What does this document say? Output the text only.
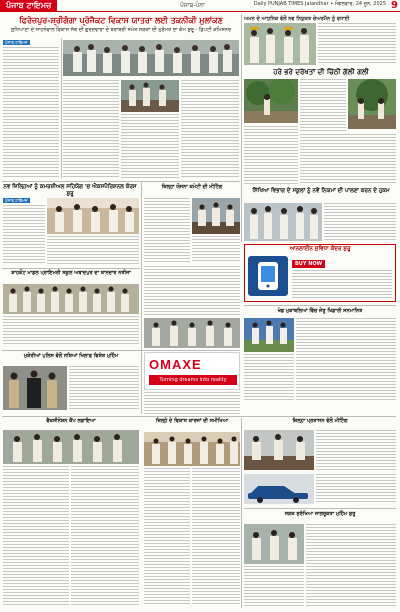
ਪੰਜਾਬ ਟਾਇਮਜ਼	ਪੰਜਾਬ-ਪੰਨਾ	Daily PUNJAB TIMES Jalandhar • ਮੰਗਲਵਾਰ, 24 ਜੂਨ, 2025 9
ਫਿਰੋਜ਼ਪੁਰ-ਸ਼੍ਰੀਗੰਗਾ ਪ੍ਰੋਜੈਕਟ ਵਿਕਾਸ ਯਾਤਰਾ ਲਈ ਤਕਨੀਕੀ ਮੁਲਾਂਕਣ
ਲੁਧਿਆਣਾ ਦੇ ਸਾਹਨੇਵਾਲ ਵਿਕਾਸ ਸੱਥ ਦੀ ਗੁਰਦਵਾਰਾ ਦੇ ਬਰਾਬਰੀ ਸਮੇਤ ਸੜਕਾਂ ਦੀ ਮੁਰੰਮਤ ਦਾ ਕੰਮ ਸ਼ੁਰੂ - ਡਿਪਟੀ ਕਮਿਸ਼ਨਰ
ਪੰਜਾਬ ਟਾਇਮਜ਼
ਅਮਨ ਦੇ ਆਧੁਨਿਕ ਵੱਲੋਂ ਨਵ ਨਿਯੁਕਤ ਚੇਅਰਮੈਨ ਨੂੰ ਵਧਾਈ
ਹਰੇ ਭਰੇ ਦਰੱਖਤਾਂ ਦੀ ਚਿੱਠੀ ਗੱਲੀ ਗਲੀ
ਸਿੱਖਿਆ ਵਿਭਾਗ ਦੇ ਸਕੂਲਾਂ ਨੂੰ ਨਵੇਂ ਨਿਯਮਾਂ ਦੀ ਪਾਲਣਾ ਕਰਨ ਦੇ ਹੁਕਮ
ਨਵ ਜ਼ਿਲ੍ਹਿਆਂ ਨੂੰ ਕਮਰਸ਼ੀਅਲ ਸਹਿਯੋਗ 'ਚ ਐਕਸਪੈਰਿਸ਼ਨਲ ਕੋਰਸ ਸ਼ੁਰੂ
ਪੰਜਾਬ ਟਾਇਮਜ਼
ਜ਼ਿਲ੍ਹਾ ਯੋਜਨਾ ਕਮੇਟੀ ਦੀ ਮੀਟਿੰਗ
ਆਨਲਾਈਨ ਸੁਵਿਧਾ ਕੇਂਦਰ ਸ਼ੁਰੂ
BUY NOW
ਸ਼ਾਹਕੋਟ ਮਾਡਲ ਪ੍ਰਾਇਮਰੀ ਸਕੂਲ ਅਬਾਦਪੁਰ ਦਾ ਸ਼ਾਨਦਾਰ ਨਤੀਜਾ
ਖੇਡ ਮੁਕਾਬਲਿਆਂ ਵਿੱਚ ਜੇਤੂ ਖਿਡਾਰੀ ਸਨਮਾਨਿਤ
ਮੁਕੇਰੀਆਂ ਪੁਲਿਸ ਵੱਲੋਂ ਨਸ਼ਿਆਂ ਖਿਲਾਫ ਵਿਸ਼ੇਸ਼ ਮੁਹਿੰਮ
OMAXE
Turning dreams into reality
ਜ਼ਿਲ੍ਹੇ ਦੇ ਵਿਕਾਸ ਕਾਰਜਾਂ ਦੀ ਸਮੀਖਿਆ
ਵੈਕਸੀਨੇਸ਼ਨ ਕੈਂਪ ਲਗਾਇਆ	ਜ਼ਿਲ੍ਹਾ ਪ੍ਰਸ਼ਾਸਨ ਵੱਲੋਂ ਮੀਟਿੰਗ
ਸੜਕ ਸੁਰੱਖਿਆ ਜਾਗਰੂਕਤਾ ਮੁਹਿੰਮ ਸ਼ੁਰੂ
